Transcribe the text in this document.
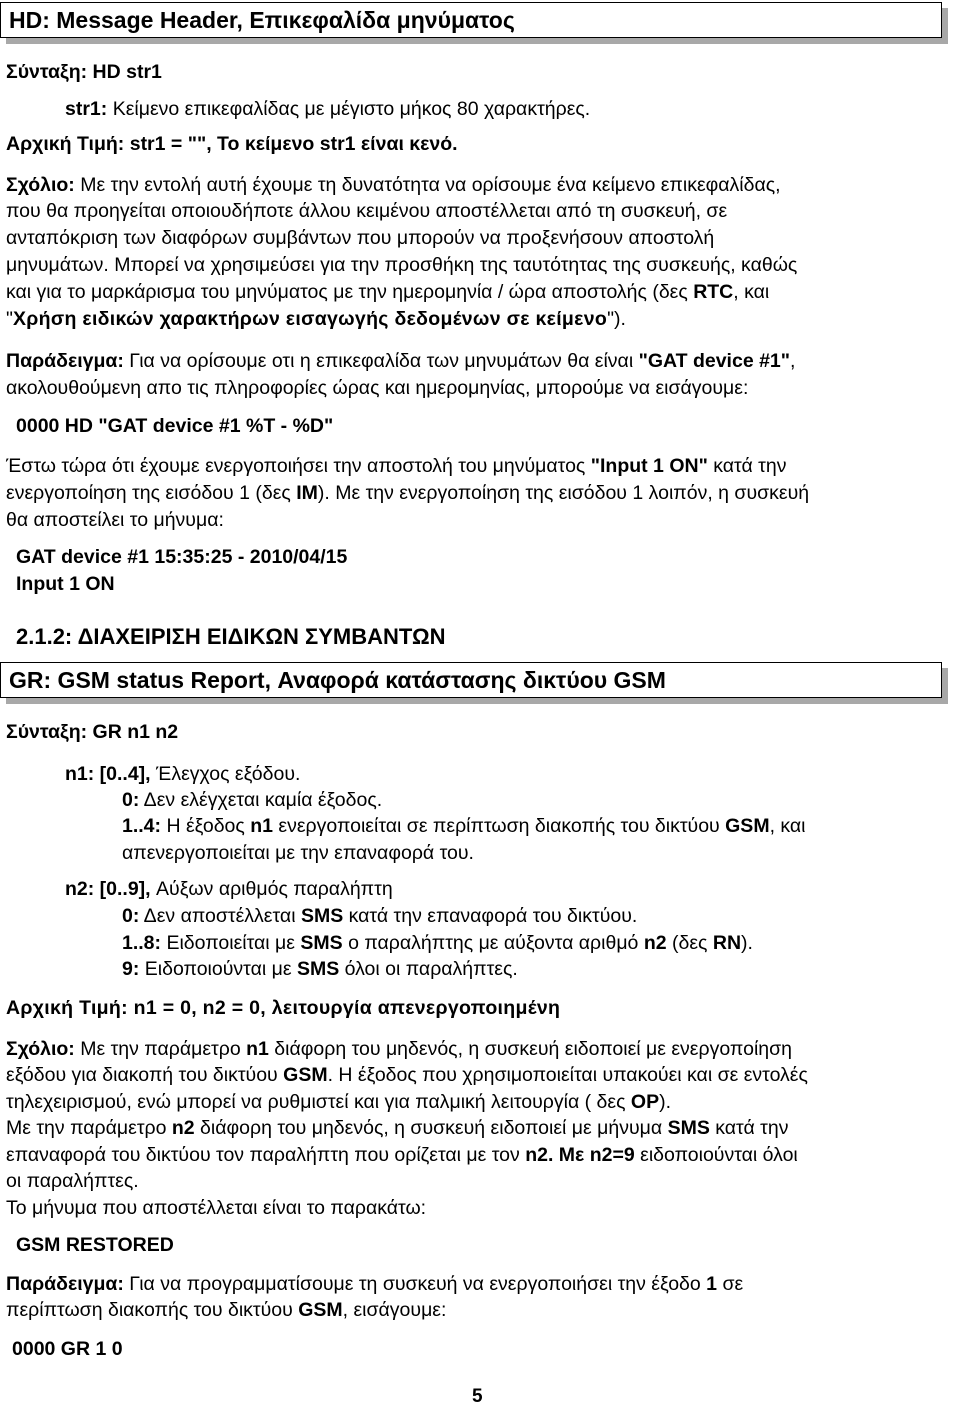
HD: Message Header, Επικεφαλίδα μηνύματος
Σύνταξη: HD str1
str1: Κείμενο επικεφαλίδας με μέγιστο μήκος 80 χαρακτήρες.
Αρχική Τιμή: str1 = "", Το κείμενο str1 είναι κενό.
Σχόλιο: Με την εντολή αυτή έχουμε τη δυνατότητα να ορίσουμε ένα κείμενο επικεφαλίδας,
που θα προηγείται οποιουδήποτε άλλου κειμένου αποστέλλεται από τη συσκευή, σε
ανταπόκριση των διαφόρων συμβάντων που μπορούν να προξενήσουν αποστολή
μηνυμάτων. Μπορεί να χρησιμεύσει για την προσθήκη της ταυτότητας της συσκευής, καθώς
και για το μαρκάρισμα του μηνύματος με την ημερομηνία / ώρα αποστολής (δες RTC, και
"Χρήση ειδικών χαρακτήρων εισαγωγής δεδομένων σε κείμενο").
Παράδειγμα: Για να ορίσουμε οτι η επικεφαλίδα των μηνυμάτων θα είναι "GAT device #1",
ακολουθούμενη απο τις πληροφορίες ώρας και ημερομηνίας, μπορούμε να εισάγουμε:
0000 HD "GAT device #1 %T - %D"
Έστω τώρα ότι έχουμε ενεργοποιήσει την αποστολή του μηνύματος "Input 1 ON" κατά την
ενεργοποίηση της εισόδου 1 (δες IM). Με την ενεργοποίηση της εισόδου 1 λοιπόν, η συσκευή
θα αποστείλει το μήνυμα:
GAT device #1 15:35:25 - 2010/04/15
Input 1 ON
2.1.2: ΔΙΑΧΕΙΡΙΣΗ ΕΙΔΙΚΩΝ ΣΥΜΒΑΝΤΩΝ
GR: GSM status Report, Αναφορά κατάστασης δικτύου GSM
Σύνταξη: GR n1 n2
n1: [0..4], Έλεγχος εξόδου.
0: Δεν ελέγχεται καμία έξοδος.
1..4: Η έξοδος n1 ενεργοποιείται σε περίπτωση διακοπής του δικτύου GSM, και
απενεργοποιείται με την επαναφορά του.
n2: [0..9], Αύξων αριθμός παραλήπτη
0: Δεν αποστέλλεται SMS κατά την επαναφορά του δικτύου.
1..8: Ειδοποιείται με SMS ο παραλήπτης με αύξοντα αριθμό n2 (δες RN).
9: Ειδοποιούνται με SMS όλοι οι παραλήπτες.
Αρχική Τιμή: n1 = 0, n2 = 0, λειτουργία απενεργοποιημένη
Σχόλιο: Με την παράμετρο n1 διάφορη του μηδενός, η συσκευή ειδοποιεί με ενεργοποίηση
εξόδου για διακοπή του δικτύου GSM. Η έξοδος που χρησιμοποιείται υπακούει και σε εντολές
τηλεχειρισμού, ενώ μπορεί να ρυθμιστεί και για παλμική λειτουργία ( δες OP).
Με την παράμετρο n2 διάφορη του μηδενός, η συσκευή ειδοποιεί με μήνυμα SMS κατά την
επαναφορά του δικτύου τον παραλήπτη που ορίζεται με τον n2. Με n2=9 ειδοποιούνται όλοι
οι παραλήπτες.
Το μήνυμα που αποστέλλεται είναι το παρακάτω:
GSM RESTORED
Παράδειγμα: Για να προγραμματίσουμε τη συσκευή να ενεργοποιήσει την έξοδο 1 σε
περίπτωση διακοπής του δικτύου GSM, εισάγουμε:
0000 GR 1 0
5
